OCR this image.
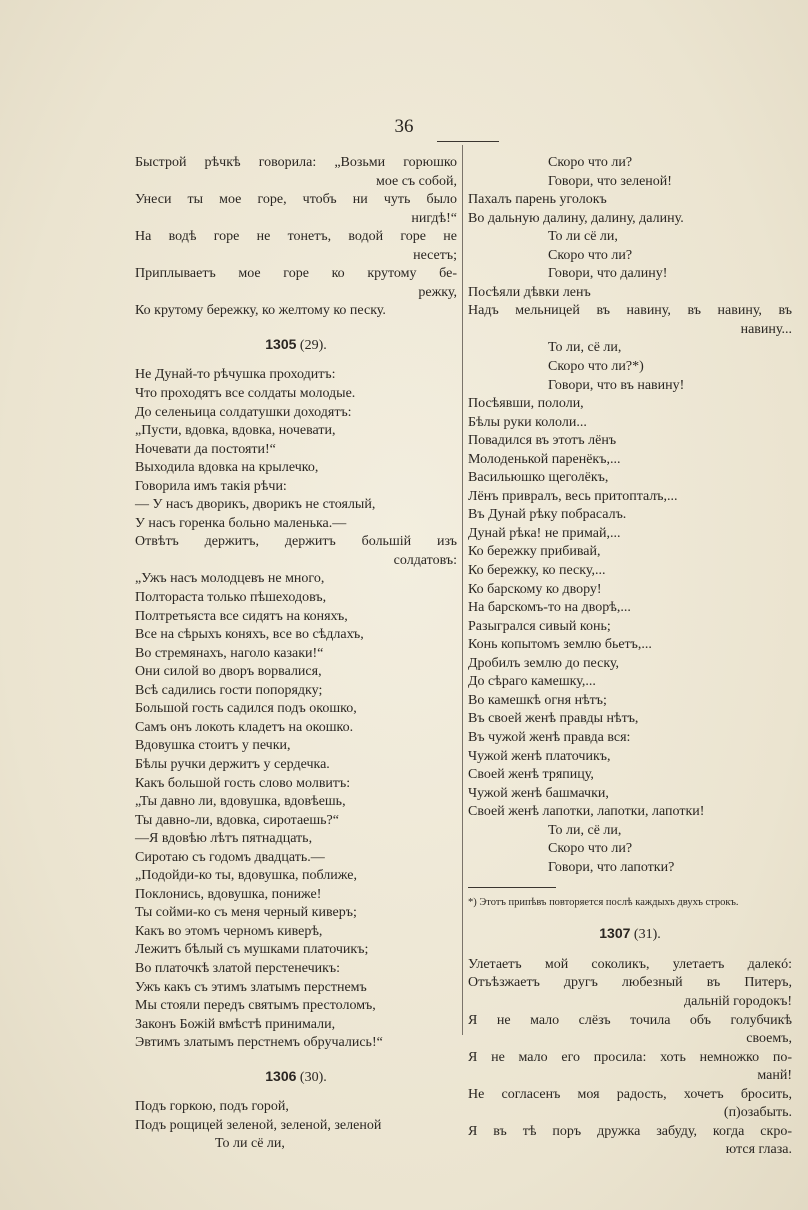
36
Быстрой рѣчкѣ говорила: „Возьми горюшко
мое съ собой,
Унеси ты мое горе, чтобъ ни чуть было
нигдѣ!“
На водѣ горе не тонетъ, водой горе не
несетъ;
Приплываетъ мое горе ко крутому бе-
режку,
Ко крутому бережку, ко желтому ко песку.
1305 (29).
Не Дунай-то рѣчушка проходитъ:
Что проходятъ все солдаты молодые.
До селеньица солдатушки доходятъ:
„Пусти, вдовка, вдовка, ночевати,
Ночевати да постояти!“
Выходила вдовка на крылечко,
Говорила имъ такія рѣчи:
— У насъ дворикъ, дворикъ не стоялый,
У насъ горенка больно маленька.—
Отвѣтъ держитъ, держитъ большій изъ
солдатовъ:
„Ужъ насъ молодцевъ не много,
Полтораста только пѣшеходовъ,
Полтретьяста все сидятъ на коняхъ,
Все на сѣрыхъ коняхъ, все во сѣдлахъ,
Во стремянахъ, наголо казаки!“
Они силой во дворъ ворвалися,
Всѣ садились гости попорядку;
Большой гость садился подъ окошко,
Самъ онъ локоть кладетъ на окошко.
Вдовушка стоитъ у печки,
Бѣлы ручки держитъ у сердечка.
Какъ большой гость слово молвитъ:
„Ты давно ли, вдовушка, вдовѣешь,
Ты давно-ли, вдовка, сиротаешь?“
—Я вдовѣю лѣтъ пятнадцать,
Сиротаю съ годомъ двадцать.—
„Подойди-ко ты, вдовушка, поближе,
Поклонись, вдовушка, пониже!
Ты сойми-ко съ меня черный киверъ;
Какъ во этомъ черномъ киверѣ,
Лежитъ бѣлый съ мушками платочикъ;
Во платочкѣ златой перстенечикъ:
Ужъ какъ съ этимъ златымъ перстнемъ
Мы стояли передъ святымъ престоломъ,
Законъ Божій вмѣстѣ принимали,
Эвтимъ златымъ перстнемъ обручались!“
1306 (30).
Подъ горкою, подъ горой,
Подъ рощицей зеленой, зеленой, зеленой
То ли сё ли,
Скоро что ли?
Говори, что зеленой!
Пахалъ парень уголокъ
Во дальную далину, далину, далину.
То ли сё ли,
Скоро что ли?
Говори, что далину!
Посѣяли дѣвки ленъ
Надъ мельницей въ навину, въ навину, въ
навину...
То ли, сё ли,
Скоро что ли?*)
Говори, что въ навину!
Посѣявши, пололи,
Бѣлы руки кололи...
Повадился въ этотъ лёнъ
Молоденькой паренёкъ,...
Васильюшко щеголёкъ,
Лёнъ привралъ, весь притопталъ,...
Въ Дунай рѣку побрасалъ.
Дунай рѣка! не примай,...
Ко бережку прибивай,
Ко бережку, ко песку,...
Ко барскому ко двору!
На барскомъ-то на дворѣ,...
Разыгрался сивый конь;
Конь копытомъ землю бьетъ,...
Дробилъ землю до песку,
До сѣраго камешку,...
Во камешкѣ огня нѣтъ;
Въ своей женѣ правды нѣтъ,
Въ чужой женѣ правда вся:
Чужой женѣ платочикъ,
Своей женѣ тряпицу,
Чужой женѣ башмачки,
Своей женѣ лапотки, лапотки, лапотки!
То ли, сё ли,
Скоро что ли?
Говори, что лапотки?
*) Этотъ припѣвъ повторяется послѣ каждыхъ двухъ строкъ.
1307 (31).
Улетаетъ мой соколикъ, улетаетъ далекó:
Отъѣзжаетъ другъ любезный въ Питеръ,
дальній городокъ!
Я не мало слёзъ точила объ голубчикѣ
своемъ,
Я не мало его просила: хоть немножко по-
манй!
Не согласенъ моя радость, хочетъ бросить,
(п)озабыть.
Я въ тѣ поръ дружка забуду, когда скро-
ются глаза.
